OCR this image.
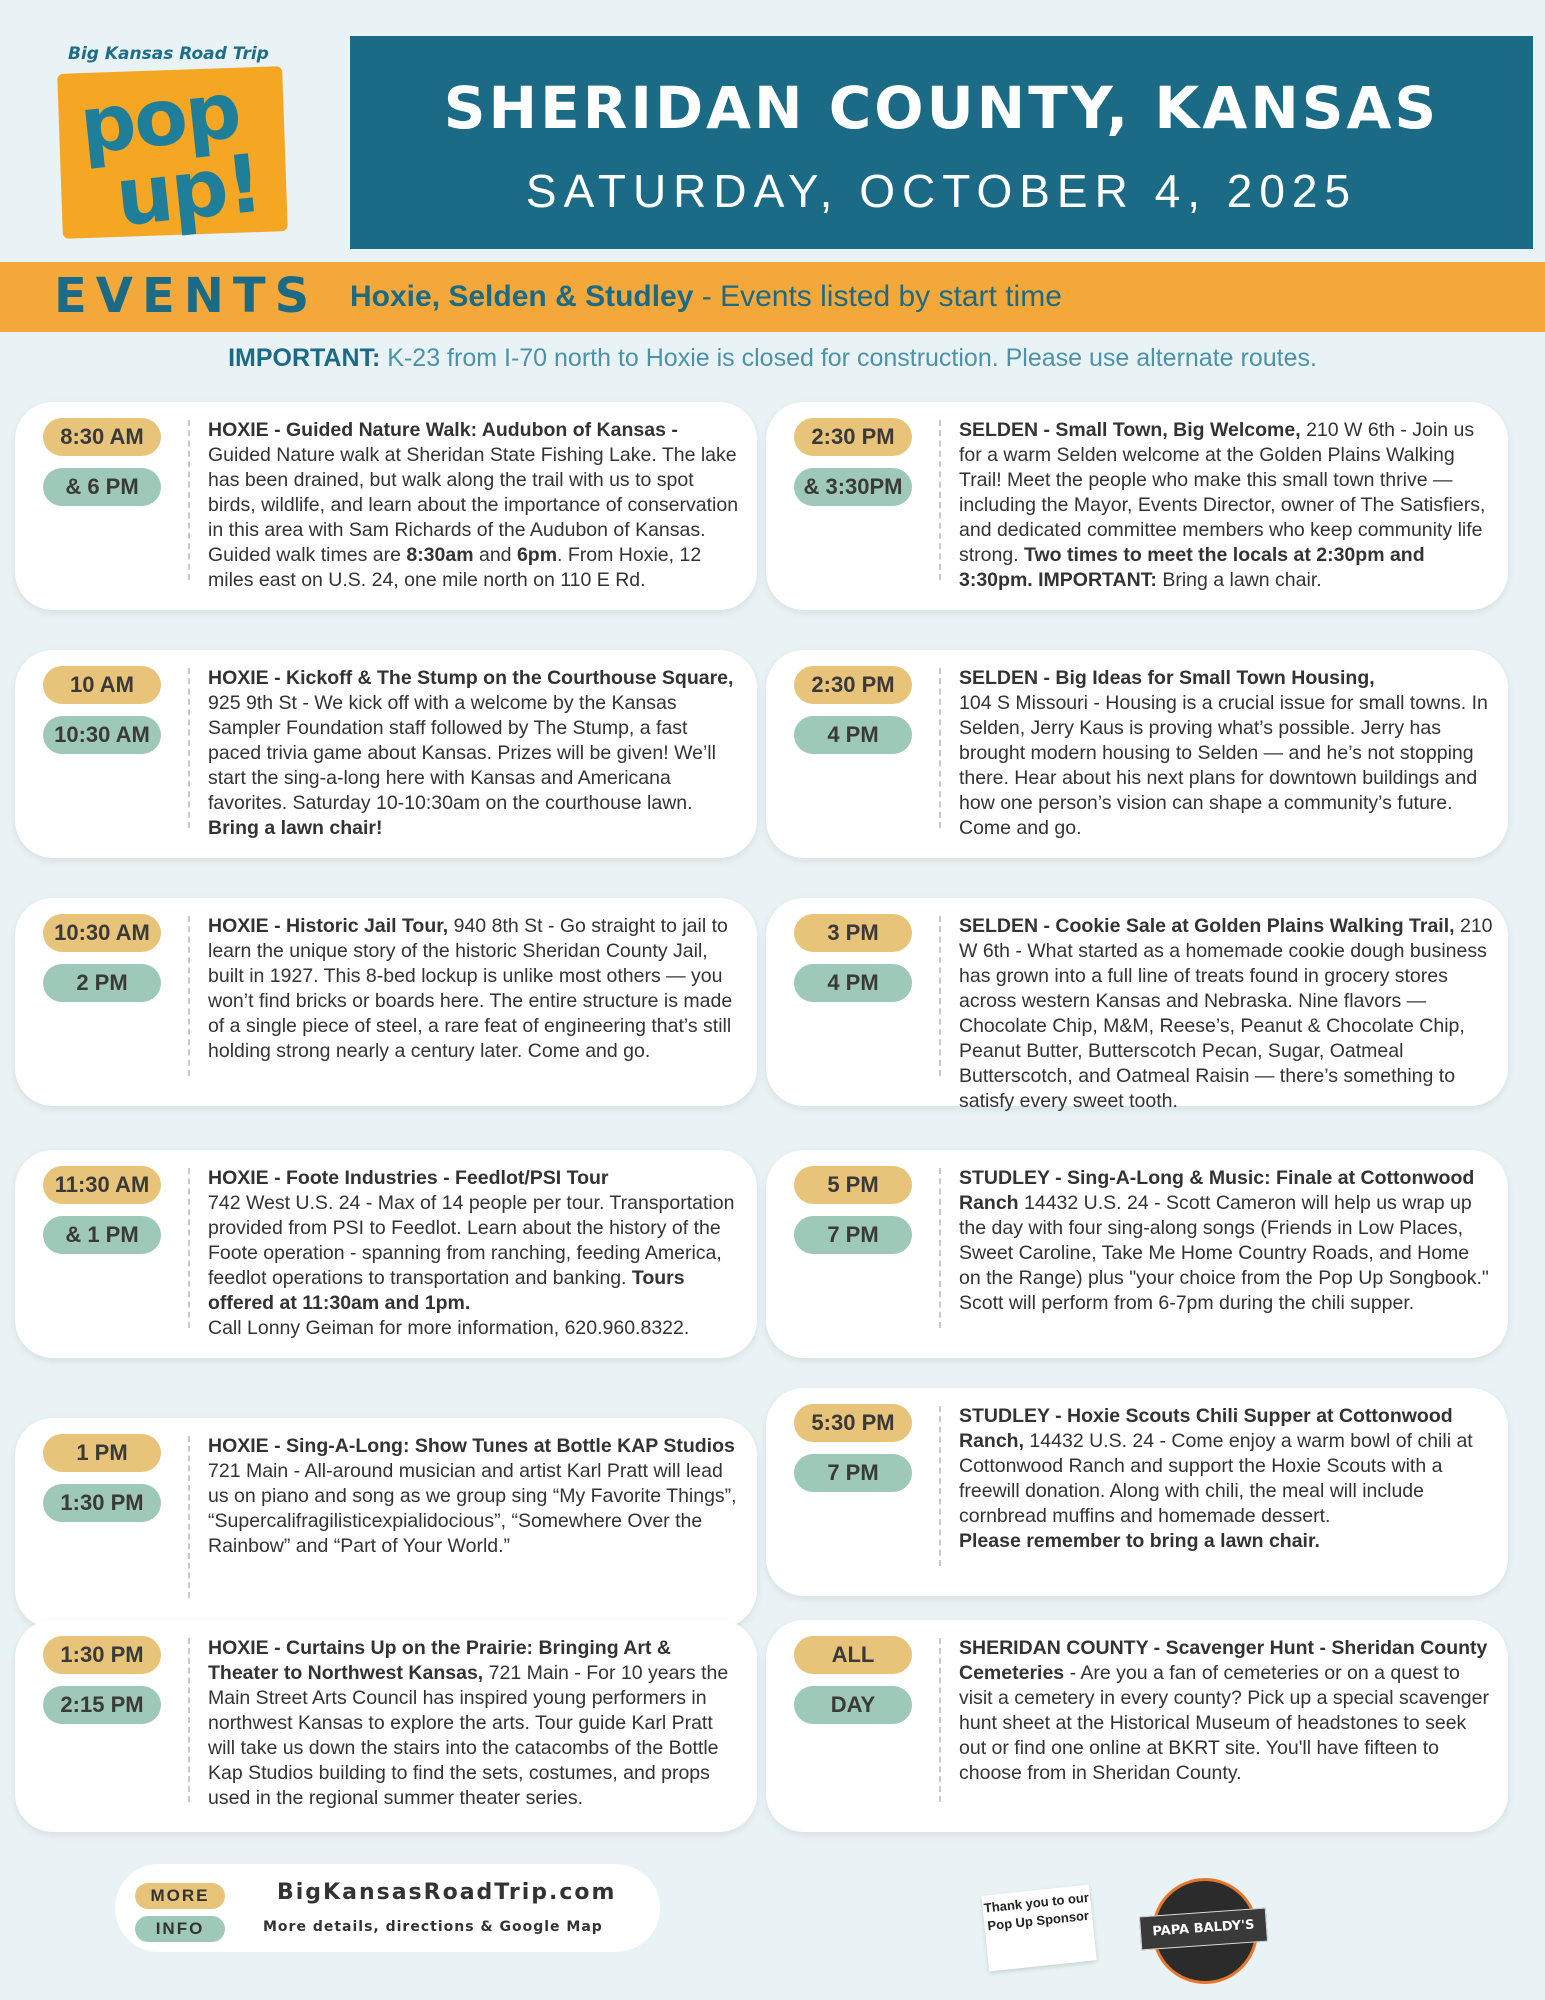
Big Kansas Road Trip
pop
up!
SHERIDAN COUNTY, KANSAS
SATURDAY, OCTOBER 4, 2025
EVENTS Hoxie, Selden & Studley - Events listed by start time
IMPORTANT: K-23 from I-70 north to Hoxie is closed for construction. Please use alternate routes.
8:30 AM
& 6 PM
HOXIE - Guided Nature Walk: Audubon of Kansas - Guided Nature walk at Sheridan State Fishing Lake. The lake has been drained, but walk along the trail with us to spot birds, wildlife, and learn about the importance of conservation in this area with Sam Richards of the Audubon of Kansas. Guided walk times are 8:30am and 6pm. From Hoxie, 12 miles east on U.S. 24, one mile north on 110 E Rd.
10 AM
10:30 AM
HOXIE - Kickoff & The Stump on the Courthouse Square, 925 9th St - We kick off with a welcome by the Kansas Sampler Foundation staff followed by The Stump, a fast paced trivia game about Kansas. Prizes will be given! We’ll start the sing-a-long here with Kansas and Americana favorites. Saturday 10-10:30am on the courthouse lawn. Bring a lawn chair!
10:30 AM
2 PM
HOXIE - Historic Jail Tour, 940 8th St - Go straight to jail to learn the unique story of the historic Sheridan County Jail, built in 1927. This 8-bed lockup is unlike most others — you won’t find bricks or boards here. The entire structure is made of a single piece of steel, a rare feat of engineering that’s still holding strong nearly a century later. Come and go.
11:30 AM
& 1 PM
HOXIE - Foote Industries - Feedlot/PSI Tour
742 West U.S. 24 - Max of 14 people per tour. Transportation provided from PSI to Feedlot. Learn about the history of the Foote operation - spanning from ranching, feeding America, feedlot operations to transportation and banking. Tours offered at 11:30am and 1pm.
Call Lonny Geiman for more information, 620.960.8322.
1 PM
1:30 PM
HOXIE - Sing-A-Long: Show Tunes at Bottle KAP Studios
721 Main - All-around musician and artist Karl Pratt will lead us on piano and song as we group sing “My Favorite Things”, “Supercalifragilisticexpialidocious”, “Somewhere Over the Rainbow” and “Part of Your World.”
1:30 PM
2:15 PM
HOXIE - Curtains Up on the Prairie: Bringing Art & Theater to Northwest Kansas, 721 Main - For 10 years the Main Street Arts Council has inspired young performers in northwest Kansas to explore the arts. Tour guide Karl Pratt will take us down the stairs into the catacombs of the Bottle Kap Studios building to find the sets, costumes, and props used in the regional summer theater series.
2:30 PM
& 3:30PM
SELDEN - Small Town, Big Welcome, 210 W 6th - Join us for a warm Selden welcome at the Golden Plains Walking Trail! Meet the people who make this small town thrive — including the Mayor, Events Director, owner of The Satisfiers, and dedicated committee members who keep community life strong. Two times to meet the locals at 2:30pm and 3:30pm. IMPORTANT: Bring a lawn chair.
2:30 PM
4 PM
SELDEN - Big Ideas for Small Town Housing,
104 S Missouri - Housing is a crucial issue for small towns. In Selden, Jerry Kaus is proving what’s possible. Jerry has brought modern housing to Selden — and he’s not stopping there. Hear about his next plans for downtown buildings and how one person’s vision can shape a community’s future. Come and go.
3 PM
4 PM
SELDEN - Cookie Sale at Golden Plains Walking Trail, 210 W 6th - What started as a homemade cookie dough business has grown into a full line of treats found in grocery stores across western Kansas and Nebraska. Nine flavors — Chocolate Chip, M&M, Reese’s, Peanut & Chocolate Chip, Peanut Butter, Butterscotch Pecan, Sugar, Oatmeal Butterscotch, and Oatmeal Raisin — there’s something to satisfy every sweet tooth.
5 PM
7 PM
STUDLEY - Sing-A-Long & Music: Finale at Cottonwood Ranch 14432 U.S. 24 - Scott Cameron will help us wrap up the day with four sing-along songs (Friends in Low Places, Sweet Caroline, Take Me Home Country Roads, and Home on the Range) plus "your choice from the Pop Up Songbook." Scott will perform from 6-7pm during the chili supper.
5:30 PM
7 PM
STUDLEY - Hoxie Scouts Chili Supper at Cottonwood Ranch, 14432 U.S. 24 - Come enjoy a warm bowl of chili at Cottonwood Ranch and support the Hoxie Scouts with a freewill donation. Along with chili, the meal will include cornbread muffins and homemade dessert.
Please remember to bring a lawn chair.
ALL
DAY
SHERIDAN COUNTY - Scavenger Hunt - Sheridan County Cemeteries - Are you a fan of cemeteries or on a quest to visit a cemetery in every county? Pick up a special scavenger hunt sheet at the Historical Museum of headstones to seek out or find one online at BKRT site. You'll have fifteen to choose from in Sheridan County.
MORE
INFO
BigKansasRoadTrip.com
More details, directions & Google Map
Thank you to our Pop Up Sponsor	PAPA BALDY'S
